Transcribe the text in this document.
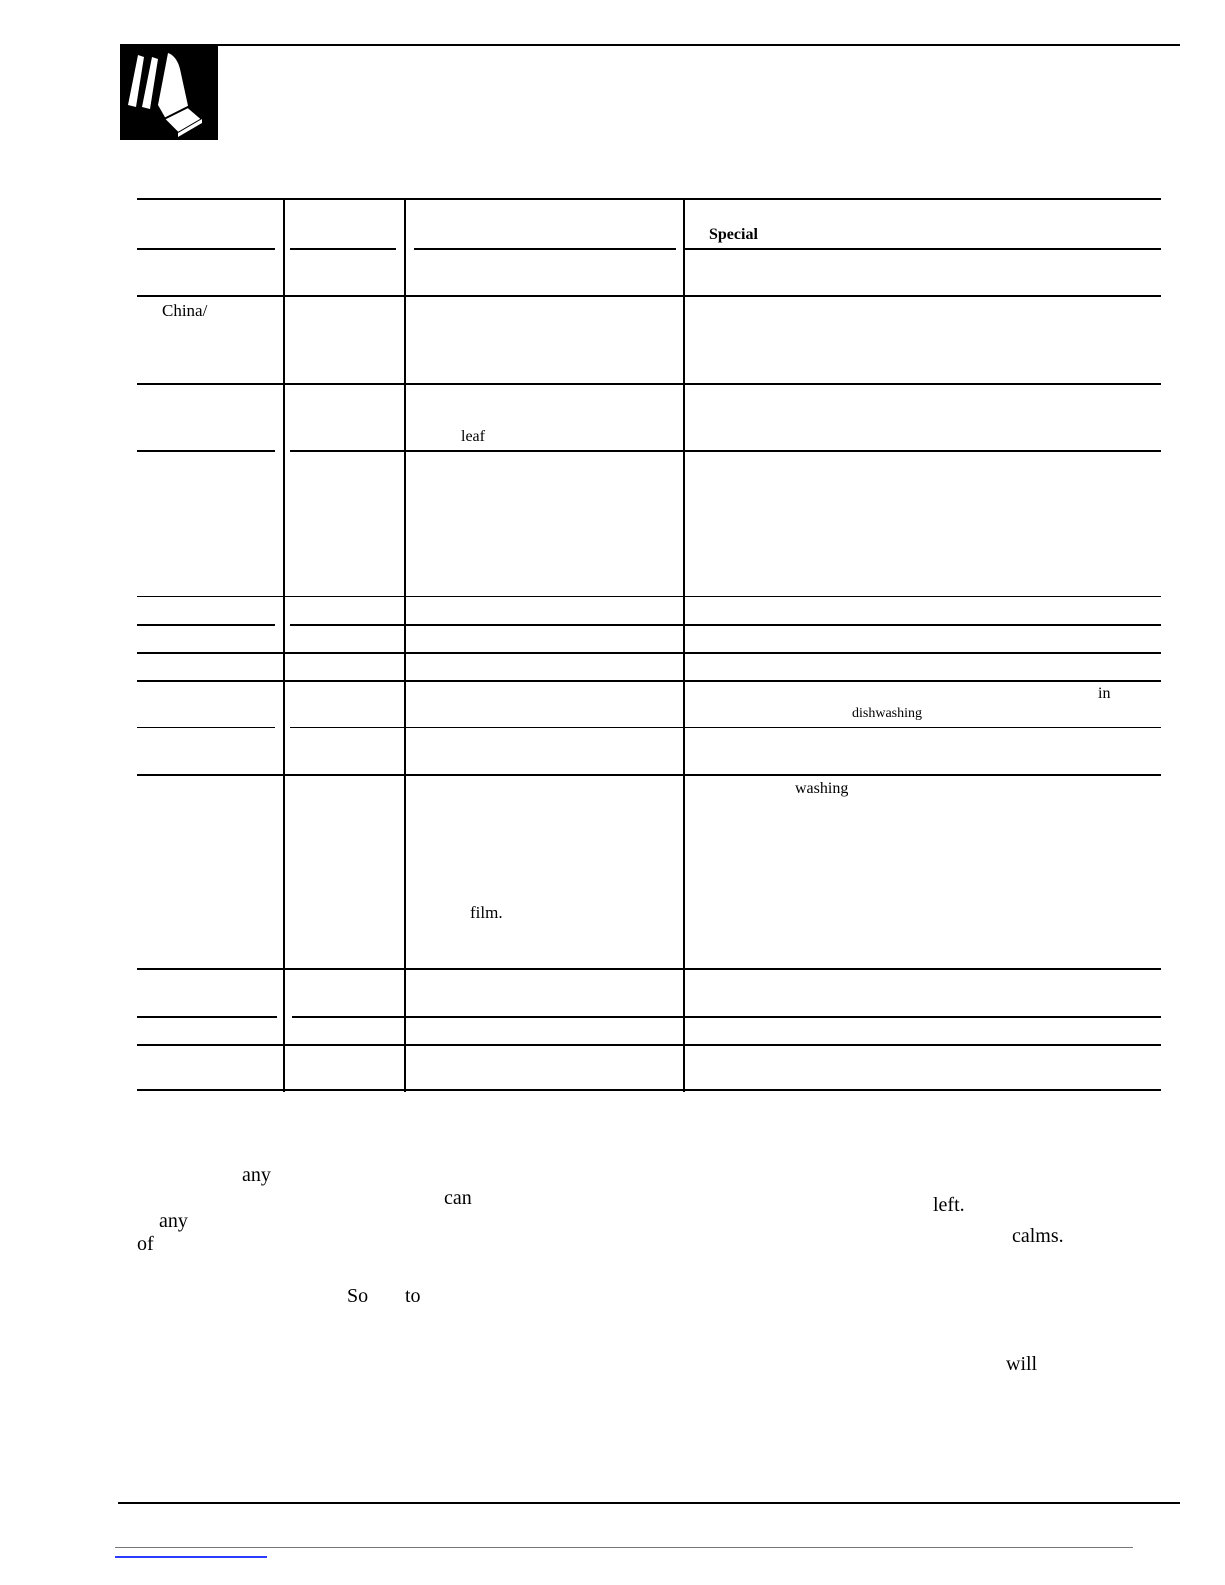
Special
China/
leaf
in
dishwashing
washing
film.
any
can	left.
any
of	calms.
So to
will
